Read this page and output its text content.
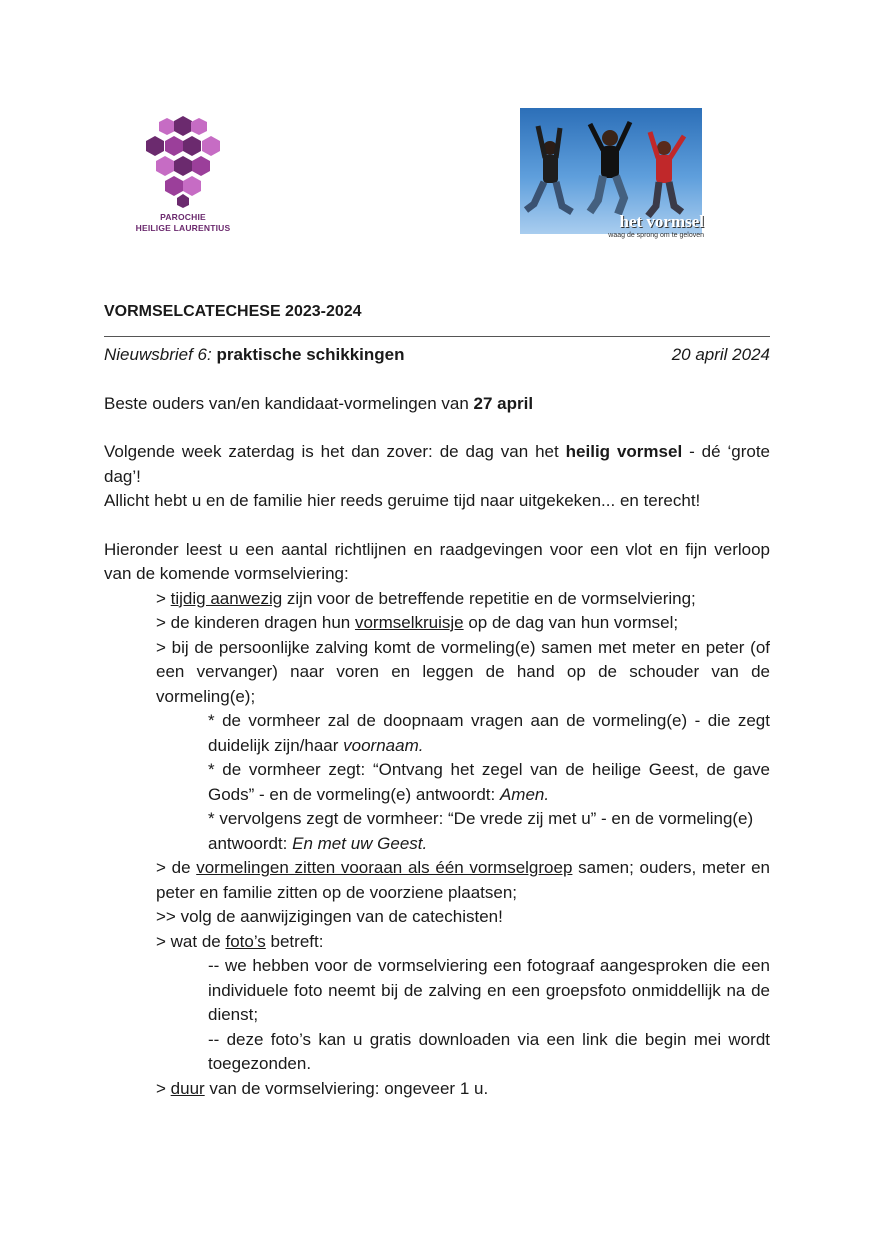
PAROCHIE
HEILIGE LAURENTIUS	het vormsel
waag de sprong om te geloven

VORMSELCATECHESE 2023-2024

Nieuwsbrief 6: praktische schikkingen	20 april 2024

Beste ouders van/en kandidaat-vormelingen van 27 april

Volgende week zaterdag is het dan zover: de dag van het heilig vormsel - dé ‘grote dag’!

Allicht hebt u en de familie hier reeds geruime tijd naar uitgekeken... en terecht!

Hieronder leest u een aantal richtlijnen en raadgevingen voor een vlot en fijn verloop van de komende vormselviering:

> tijdig aanwezig zijn voor de betreffende repetitie en de vormselviering;

> de kinderen dragen hun vormselkruisje op de dag van hun vormsel;

> bij de persoonlijke zalving komt de vormeling(e) samen met meter en peter (of een vervanger) naar voren en leggen de hand op de schouder van de vormeling(e);

* de vormheer zal de doopnaam vragen aan de vormeling(e) - die zegt duidelijk zijn/haar voornaam.

* de vormheer zegt: “Ontvang het zegel van de heilige Geest, de gave Gods” - en de vormeling(e) antwoordt: Amen.

* vervolgens zegt de vormheer: “De vrede zij met u” - en de vormeling(e) antwoordt: En met uw Geest.

> de vormelingen zitten vooraan als één vormselgroep samen; ouders, meter en peter en familie zitten op de voorziene plaatsen;

>> volg de aanwijzigingen van de catechisten!

> wat de foto’s betreft:

-- we hebben voor de vormselviering een fotograaf aangesproken die een individuele foto neemt bij de zalving en een groepsfoto onmiddellijk na de dienst;

-- deze foto’s kan u gratis downloaden via een link die begin mei wordt toegezonden.

> duur van de vormselviering: ongeveer 1 u.
